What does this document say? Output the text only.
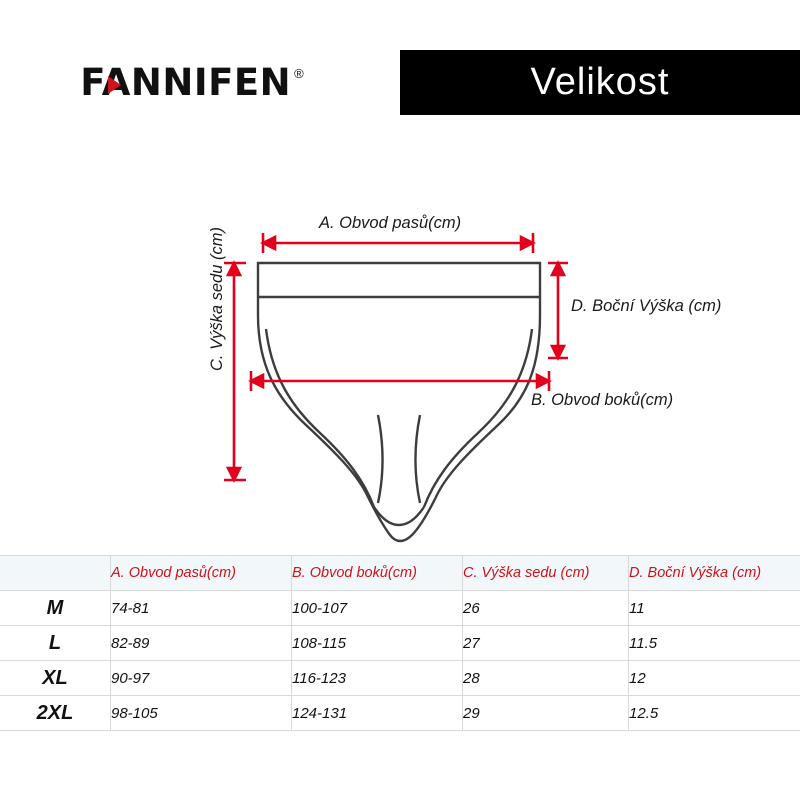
FANNIFEN ®	Velikost
A. Obvod pasů(cm)
B. Obvod boků(cm)
C. Výška sedu (cm)	D. Boční Výška (cm)
	A. Obvod pasů(cm)	B. Obvod boků(cm)	C. Výška sedu (cm)	D. Boční Výška (cm)
M	74-81	100-107	26	11
L	82-89	108-115	27	11.5
XL	90-97	116-123	28	12
2XL	98-105	124-131	29	12.5
